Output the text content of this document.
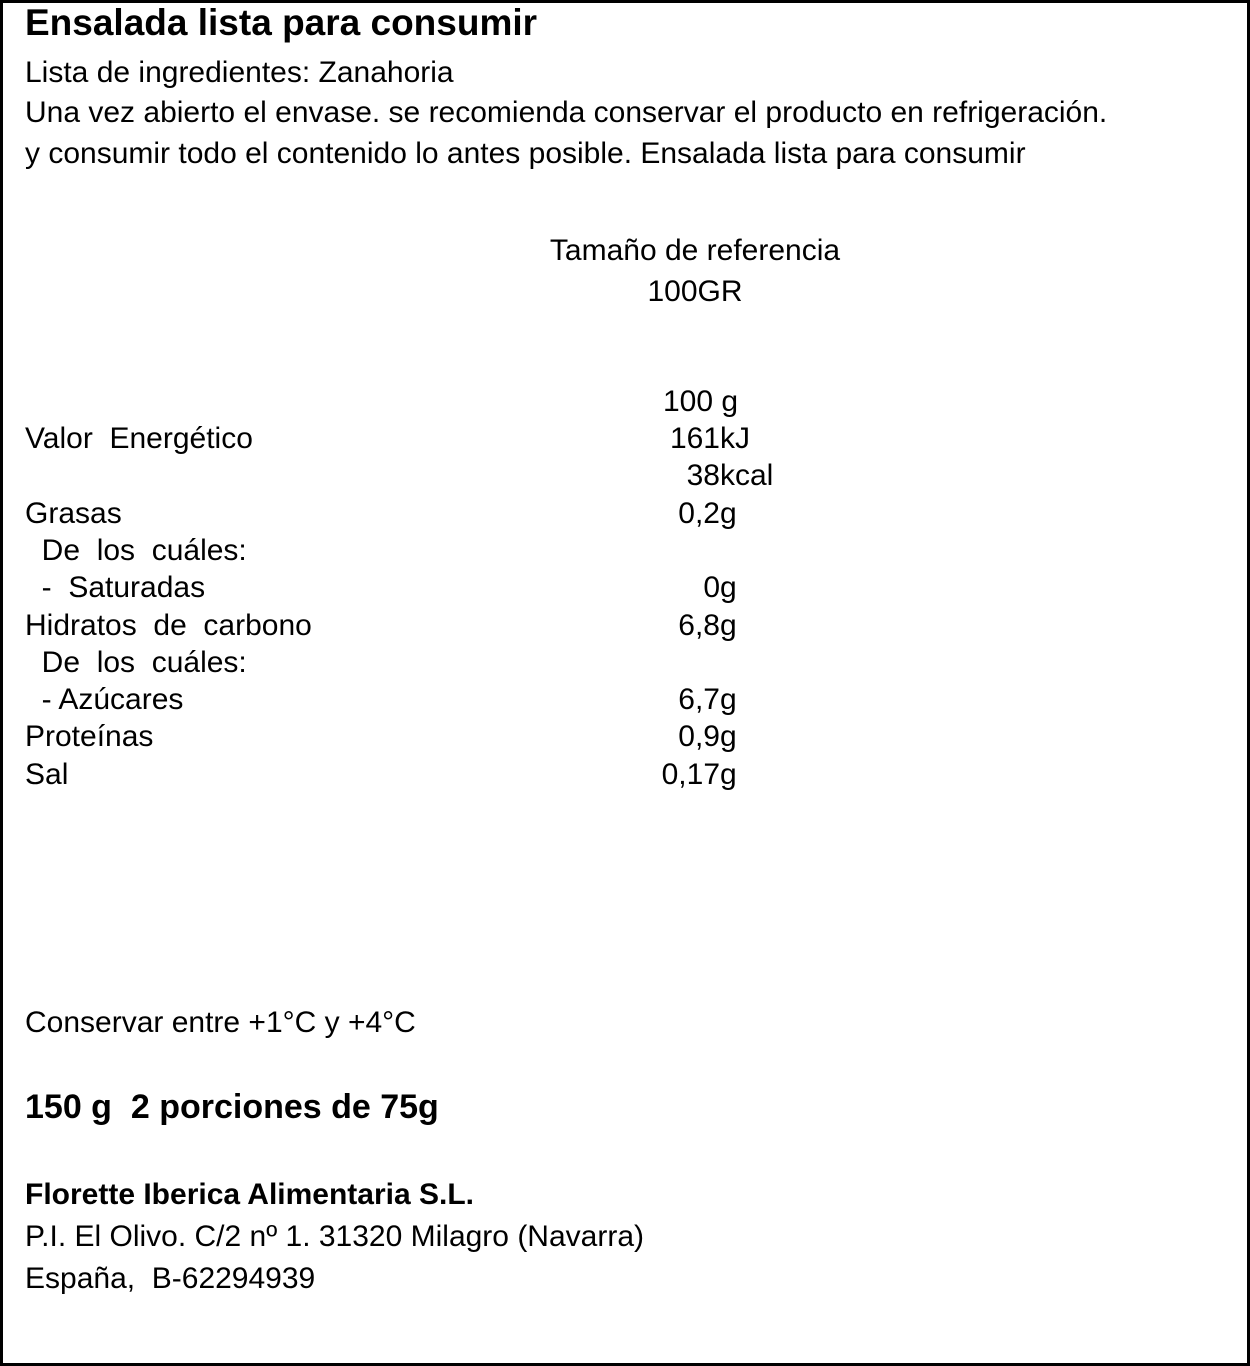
Ensalada lista para consumir
Lista de ingredientes: Zanahoria
Una vez abierto el envase. se recomienda conservar el producto en refrigeración.
y consumir todo el contenido lo antes posible. Ensalada lista para consumir
Tamaño de referencia
100GR
100 g
Valor  Energético	161 kJ
38 kcal
Grasas	0,2 g
De  los  cuáles:
-  Saturadas	0 g
Hidratos  de  carbono	6,8 g
De  los  cuáles:
- Azúcares	6,7 g
Proteínas	0,9 g
Sal	0,17 g
Conservar entre +1°C y +4°C
150 g  2 porciones de 75g
Florette Iberica Alimentaria S.L.
P.I. El Olivo. C/2 nº 1. 31320 Milagro (Navarra)
España,  B-62294939
